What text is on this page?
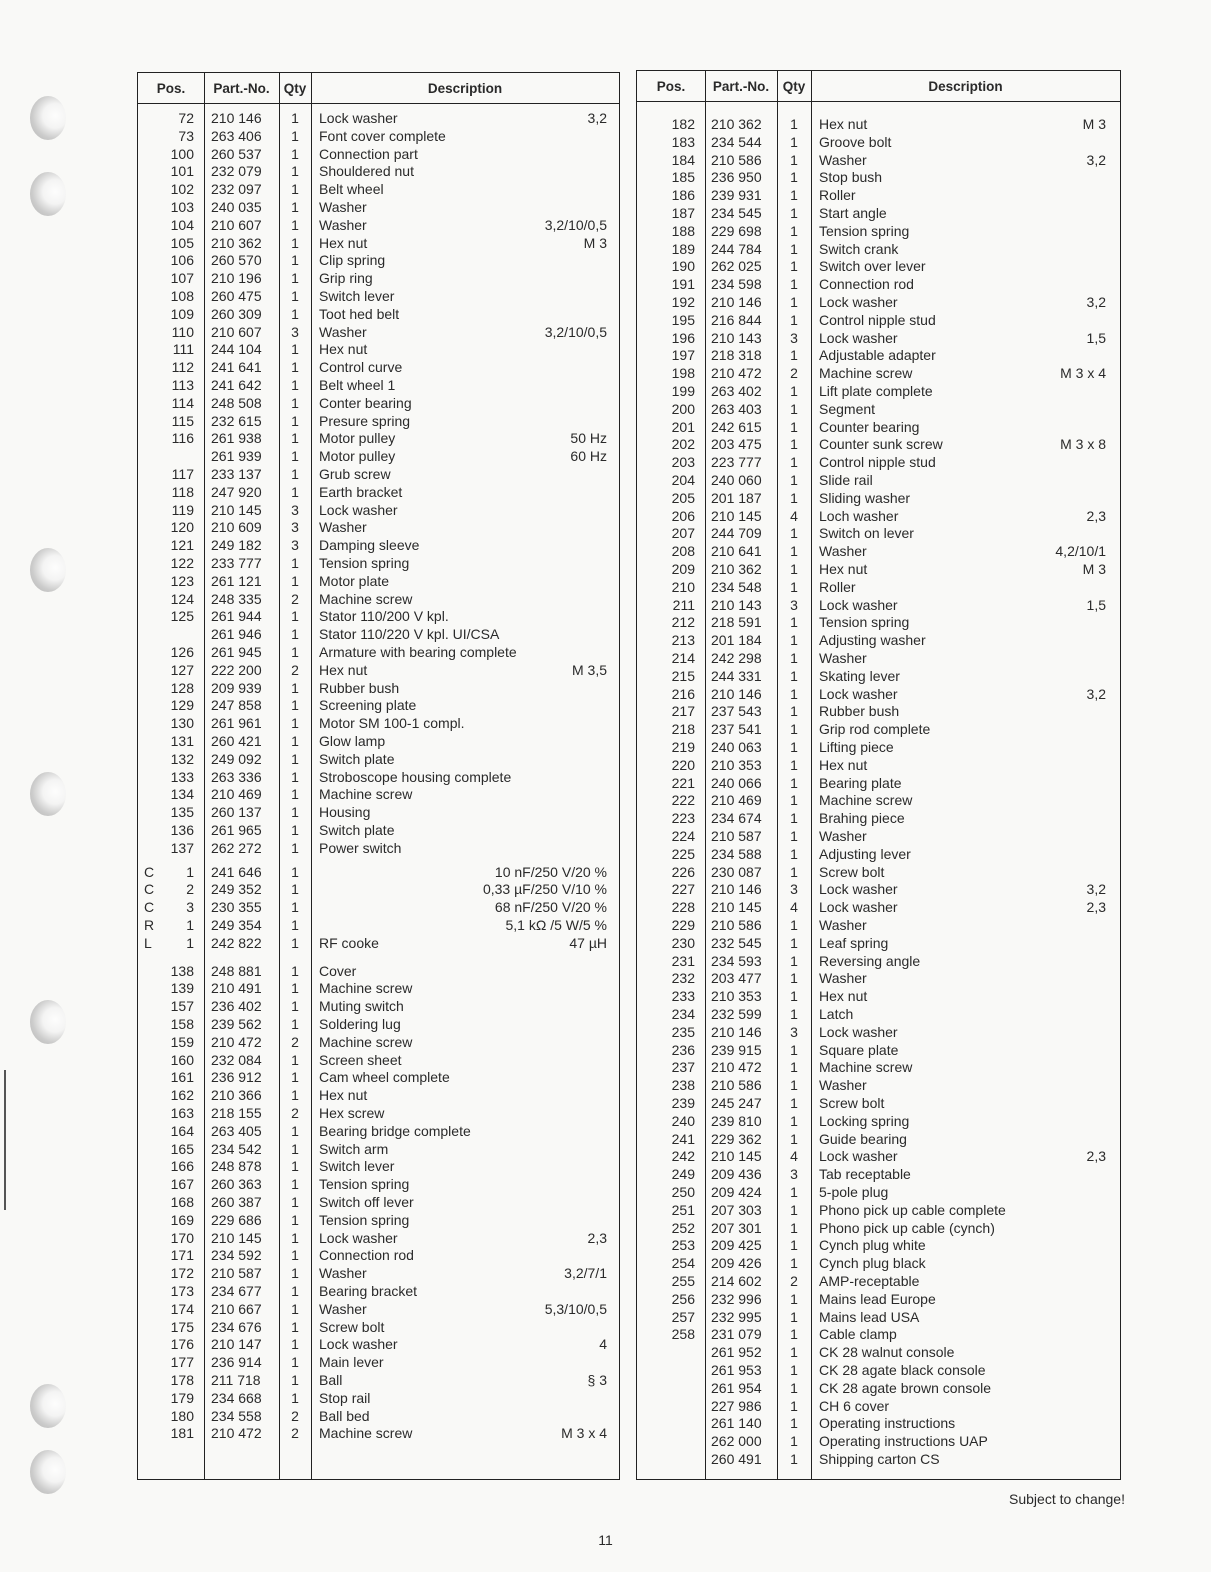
Pos.	Part.-No.	Qty	Description
72 210 146	1	Lock washer	3,2
73 263 406	1	Font cover complete
100 260 537	1	Connection part
101 232 079	1	Shouldered nut
102 232 097	1	Belt wheel
103 240 035	1	Washer
104 210 607	1	Washer	3,2/10/0,5
105 210 362	1	Hex nut	M 3
106 260 570	1	Clip spring
107 210 196	1	Grip ring
108 260 475	1	Switch lever
109 260 309	1	Toot hed belt
110 210 607	3	Washer	3,2/10/0,5
111 244 104	1	Hex nut
112 241 641	1	Control curve
113 241 642	1	Belt wheel 1
114 248 508	1	Conter bearing
115 232 615	1	Presure spring
116 261 938	1	Motor pulley	50 Hz
261 939	1	Motor pulley	60 Hz
117 233 137	1	Grub screw
118 247 920	1	Earth bracket
119 210 145	3	Lock washer
120 210 609	3	Washer
121 249 182	3	Damping sleeve
122 233 777	1	Tension spring
123 261 121	1	Motor plate
124 248 335	2	Machine screw
125 261 944	1	Stator 110/200 V kpl.
261 946	1	Stator 110/220 V kpl. UI/CSA
126 261 945	1	Armature with bearing complete
127 222 200	2	Hex nut	M 3,5
128 209 939	1	Rubber bush
129 247 858	1	Screening plate
130 261 961	1	Motor SM 100-1 compl.
131 260 421	1	Glow lamp
132 249 092	1	Switch plate
133 263 336	1	Stroboscope housing complete
134 210 469	1	Machine screw
135 260 137	1	Housing
136 261 965	1	Switch plate
137 262 272	1	Power switch
C	1 241 646	1	10 nF/250 V/20 %
C	2 249 352	1	0,33 µF/250 V/10 %
C	3 230 355	1	68 nF/250 V/20 %
R	1 249 354	1	5,1 kΩ /5 W/5 %
L	1 242 822	1	RF cooke	47 µH
138 248 881	1	Cover
139 210 491	1	Machine screw
157 236 402	1	Muting switch
158 239 562	1	Soldering lug
159 210 472	2	Machine screw
160 232 084	1	Screen sheet
161 236 912	1	Cam wheel complete
162 210 366	1	Hex nut
163 218 155	2	Hex screw
164 263 405	1	Bearing bridge complete
165 234 542	1	Switch arm
166 248 878	1	Switch lever
167 260 363	1	Tension spring
168 260 387	1	Switch off lever
169 229 686	1	Tension spring
170 210 145	1	Lock washer	2,3
171 234 592	1	Connection rod
172 210 587	1	Washer	3,2/7/1
173 234 677	1	Bearing bracket
174 210 667	1	Washer	5,3/10/0,5
175 234 676	1	Screw bolt
176 210 147	1	Lock washer	4
177 236 914	1	Main lever
178 211 718	1	Ball	§ 3
179 234 668	1	Stop rail
180 234 558	2	Ball bed
181 210 472	2	Machine screw	M 3 x 4
Pos.	Part.-No.	Qty	Description
182 210 362	1	Hex nut	M 3
183 234 544	1	Groove bolt
184 210 586	1	Washer	3,2
185 236 950	1	Stop bush
186 239 931	1	Roller
187 234 545	1	Start angle
188 229 698	1	Tension spring
189 244 784	1	Switch crank
190 262 025	1	Switch over lever
191 234 598	1	Connection rod
192 210 146	1	Lock washer	3,2
195 216 844	1	Control nipple stud
196 210 143	3	Lock washer	1,5
197 218 318	1	Adjustable adapter
198 210 472	2	Machine screw	M 3 x 4
199 263 402	1	Lift plate complete
200 263 403	1	Segment
201 242 615	1	Counter bearing
202 203 475	1	Counter sunk screw	M 3 x 8
203 223 777	1	Control nipple stud
204 240 060	1	Slide rail
205 201 187	1	Sliding washer
206 210 145	4	Loch washer	2,3
207 244 709	1	Switch on lever
208 210 641	1	Washer	4,2/10/1
209 210 362	1	Hex nut	M 3
210 234 548	1	Roller
211 210 143	3	Lock washer	1,5
212 218 591	1	Tension spring
213 201 184	1	Adjusting washer
214 242 298	1	Washer
215 244 331	1	Skating lever
216 210 146	1	Lock washer	3,2
217 237 543	1	Rubber bush
218 237 541	1	Grip rod complete
219 240 063	1	Lifting piece
220 210 353	1	Hex nut
221 240 066	1	Bearing plate
222 210 469	1	Machine screw
223 234 674	1	Brahing piece
224 210 587	1	Washer
225 234 588	1	Adjusting lever
226 230 087	1	Screw bolt
227 210 146	3	Lock washer	3,2
228 210 145	4	Lock washer	2,3
229 210 586	1	Washer
230 232 545	1	Leaf spring
231 234 593	1	Reversing angle
232 203 477	1	Washer
233 210 353	1	Hex nut
234 232 599	1	Latch
235 210 146	3	Lock washer
236 239 915	1	Square plate
237 210 472	1	Machine screw
238 210 586	1	Washer
239 245 247	1	Screw bolt
240 239 810	1	Locking spring
241 229 362	1	Guide bearing
242 210 145	4	Lock washer	2,3
249 209 436	3	Tab receptable
250 209 424	1	5-pole plug
251 207 303	1	Phono pick up cable complete
252 207 301	1	Phono pick up cable (cynch)
253 209 425	1	Cynch plug white
254 209 426	1	Cynch plug black
255 214 602	2	AMP-receptable
256 232 996	1	Mains lead Europe
257 232 995	1	Mains lead USA
258 231 079	1	Cable clamp
261 952	1	CK 28 walnut console
261 953	1	CK 28 agate black console
261 954	1	CK 28 agate brown console
227 986	1	CH 6 cover
261 140	1	Operating instructions
262 000	1	Operating instructions UAP
260 491	1	Shipping carton CS
Subject to change!
11
